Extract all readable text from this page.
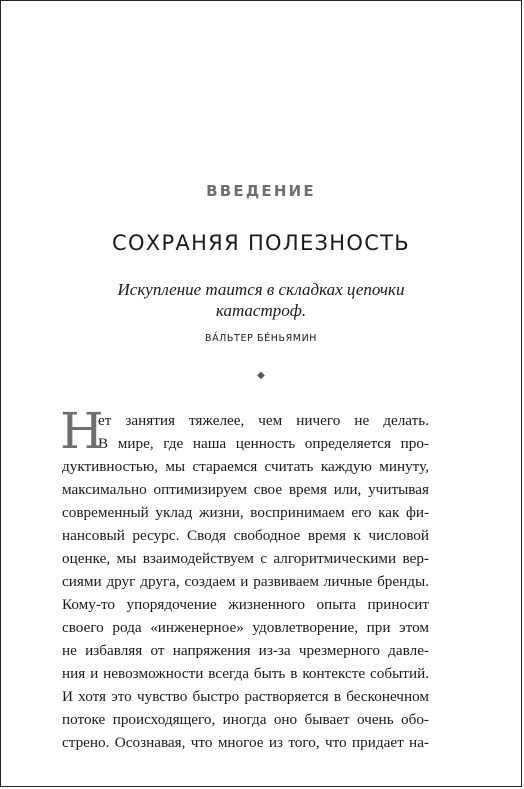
ВВЕДЕНИЕ
СОХРАНЯЯ ПОЛЕЗНОСТЬ
Искупление таится в складках цепочки
катастроф.
ВА́ЛЬТЕР БЕ́НЬЯМИН
◆
Н
ет занятия тяжелее, чем ничего не делать.
В мире, где наша ценность определяется про-
дуктивностью, мы стараемся считать каждую минуту,
максимально оптимизируем свое время или, учитывая
современный уклад жизни, воспринимаем его как фи-
нансовый ресурс. Сводя свободное время к числовой
оценке, мы взаимодействуем с алгоритмическими вер-
сиями друг друга, создаем и развиваем личные бренды.
Кому-то упорядочение жизненного опыта приносит
своего рода «инженерное» удовлетворение, при этом
не избавляя от напряжения из-за чрезмерного давле-
ния и невозможности всегда быть в контексте событий.
И хотя это чувство быстро растворяется в бесконечном
потоке происходящего, иногда оно бывает очень обо-
стрено. Осознавая, что многое из того, что придает на-
